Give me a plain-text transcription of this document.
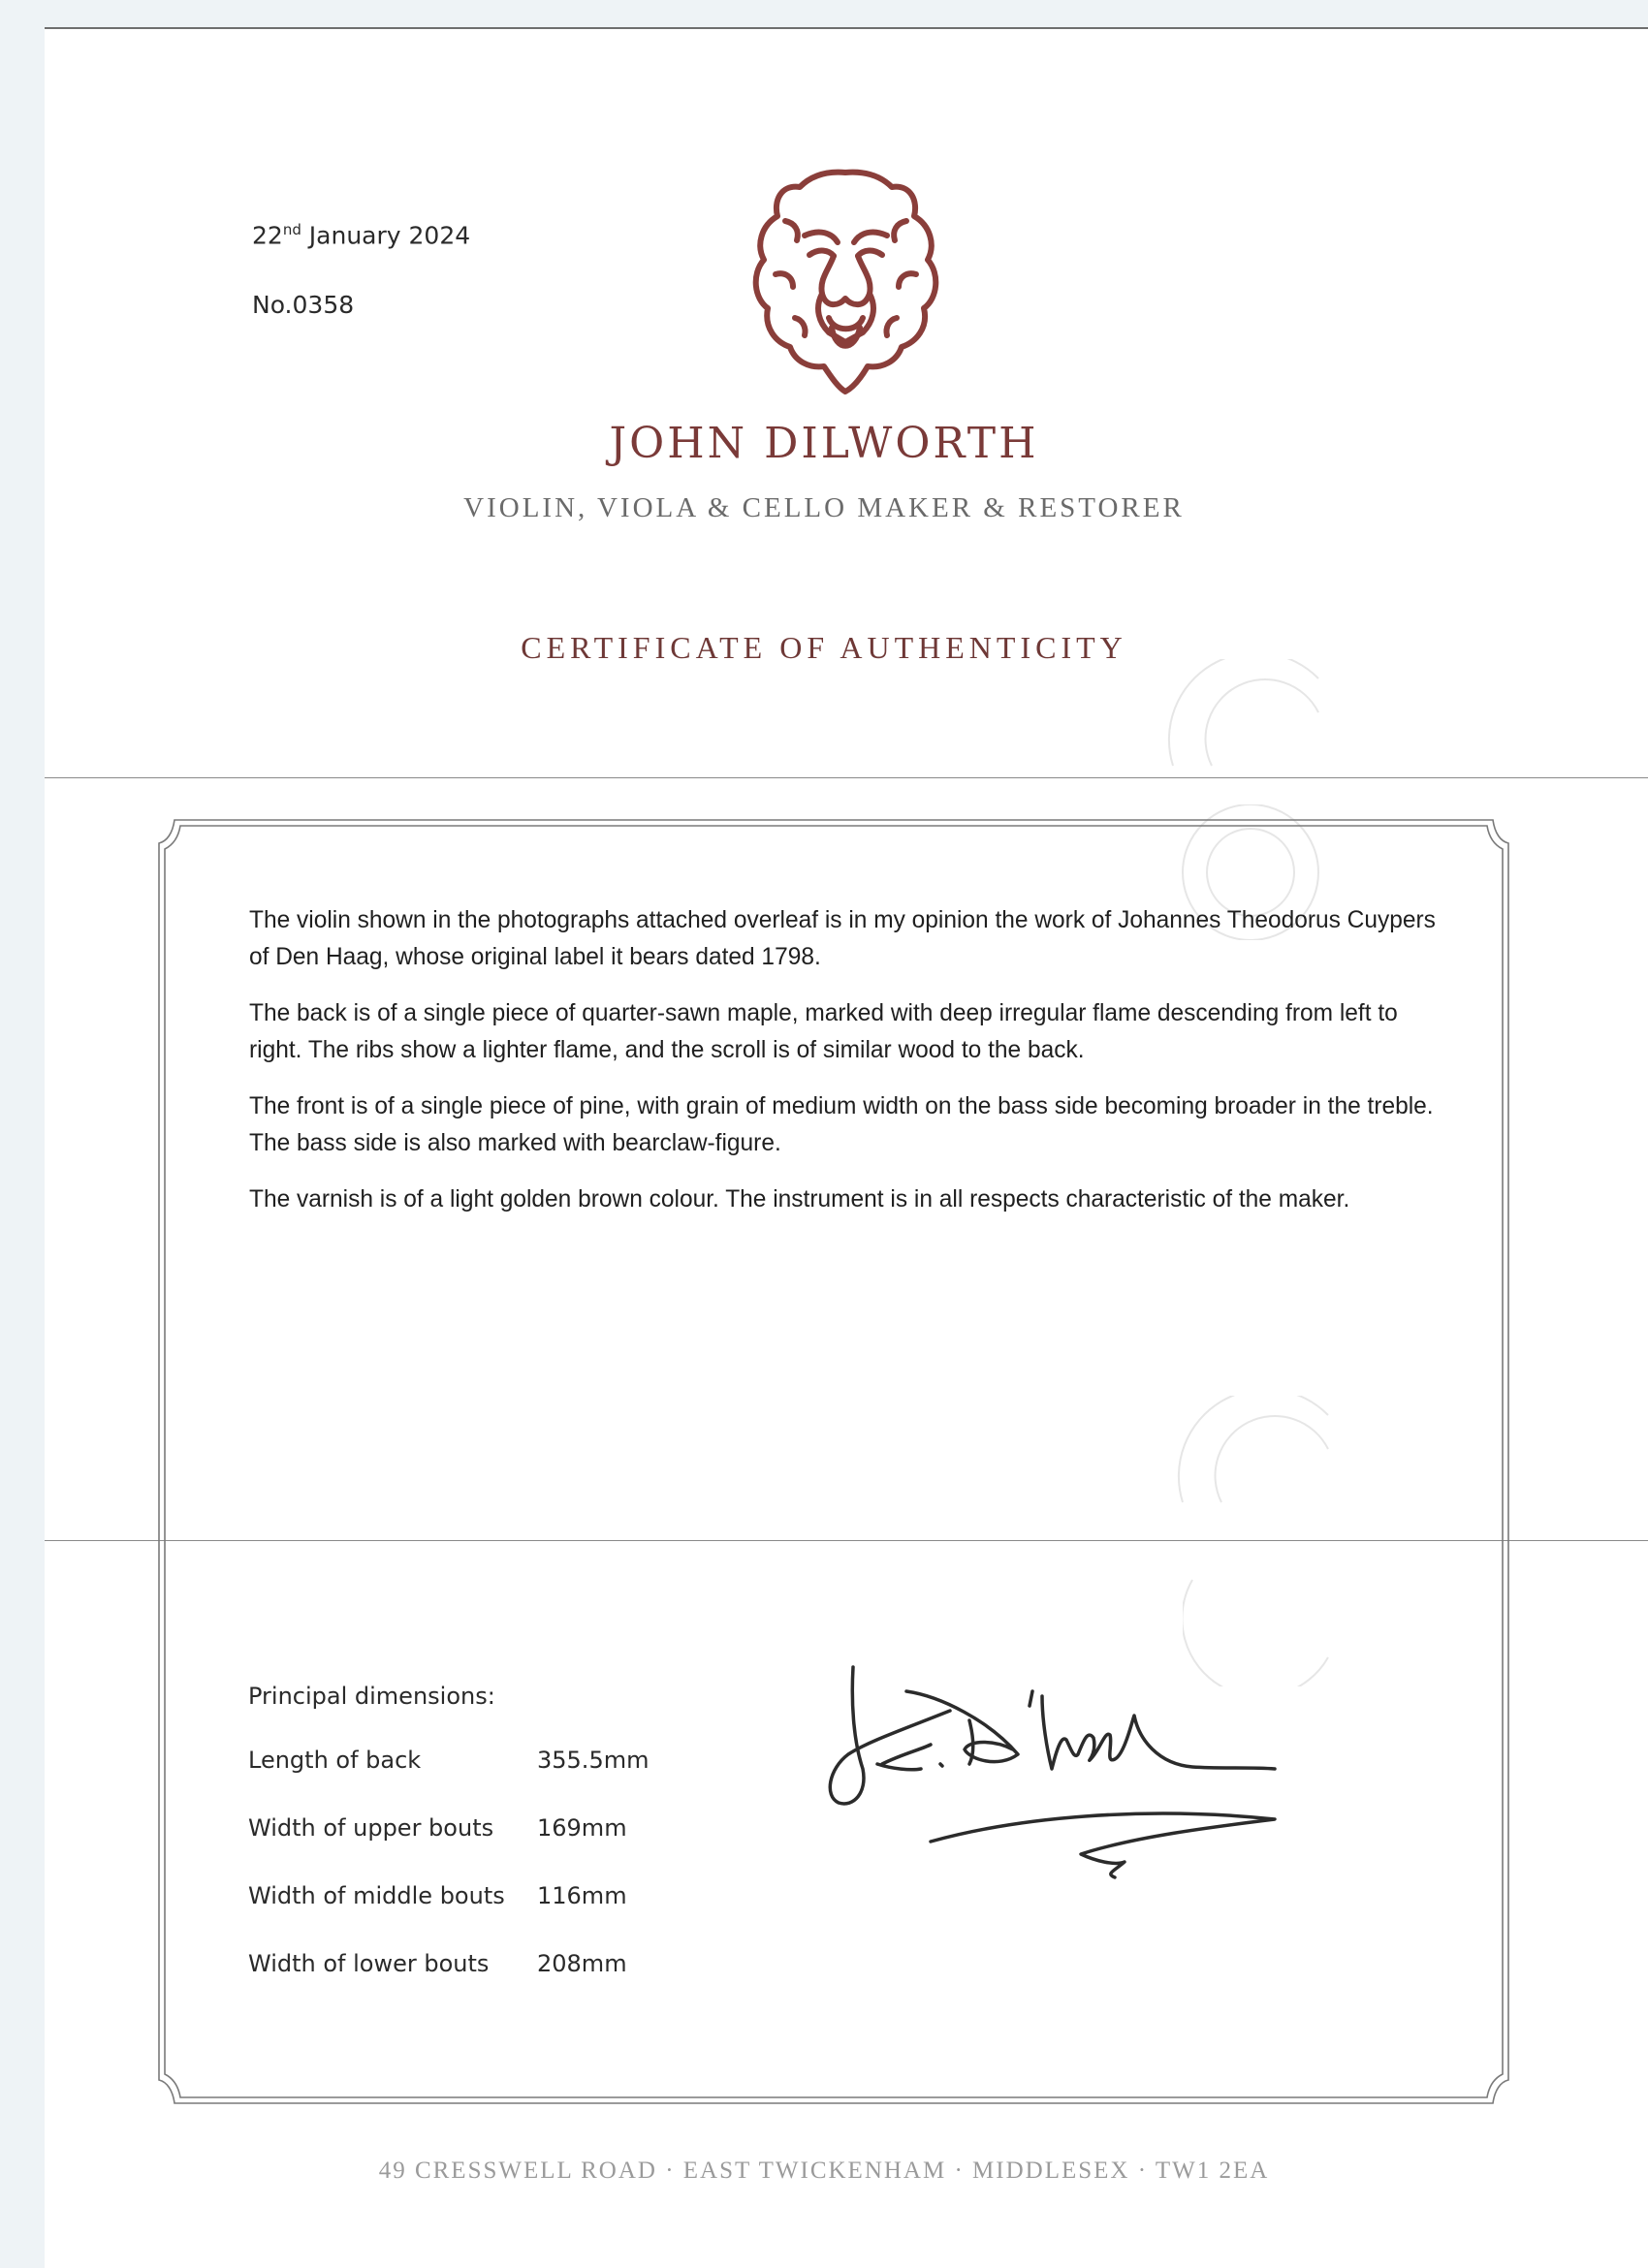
22nd January 2024
No.0358
JOHN DILWORTH
VIOLIN, VIOLA & CELLO MAKER & RESTORER
CERTIFICATE OF AUTHENTICITY

The violin shown in the photographs attached overleaf is in my opinion the work of Johannes Theodorus Cuypers of Den Haag, whose original label it bears dated 1798.

The back is of a single piece of quarter-sawn maple, marked with deep irregular flame descending from left to right. The ribs show a lighter flame, and the scroll is of similar wood to the back.

The front is of a single piece of pine, with grain of medium width on the bass side becoming broader in the treble. The bass side is also marked with bearclaw-figure.

The varnish is of a light golden brown colour. The instrument is in all respects characteristic of the maker.

Principal dimensions:
Length of back	355.5mm
Width of upper bouts	169mm
Width of middle bouts	116mm
Width of lower bouts	208mm
49 CRESSWELL ROAD · EAST TWICKENHAM · MIDDLESEX · TW1 2EA
